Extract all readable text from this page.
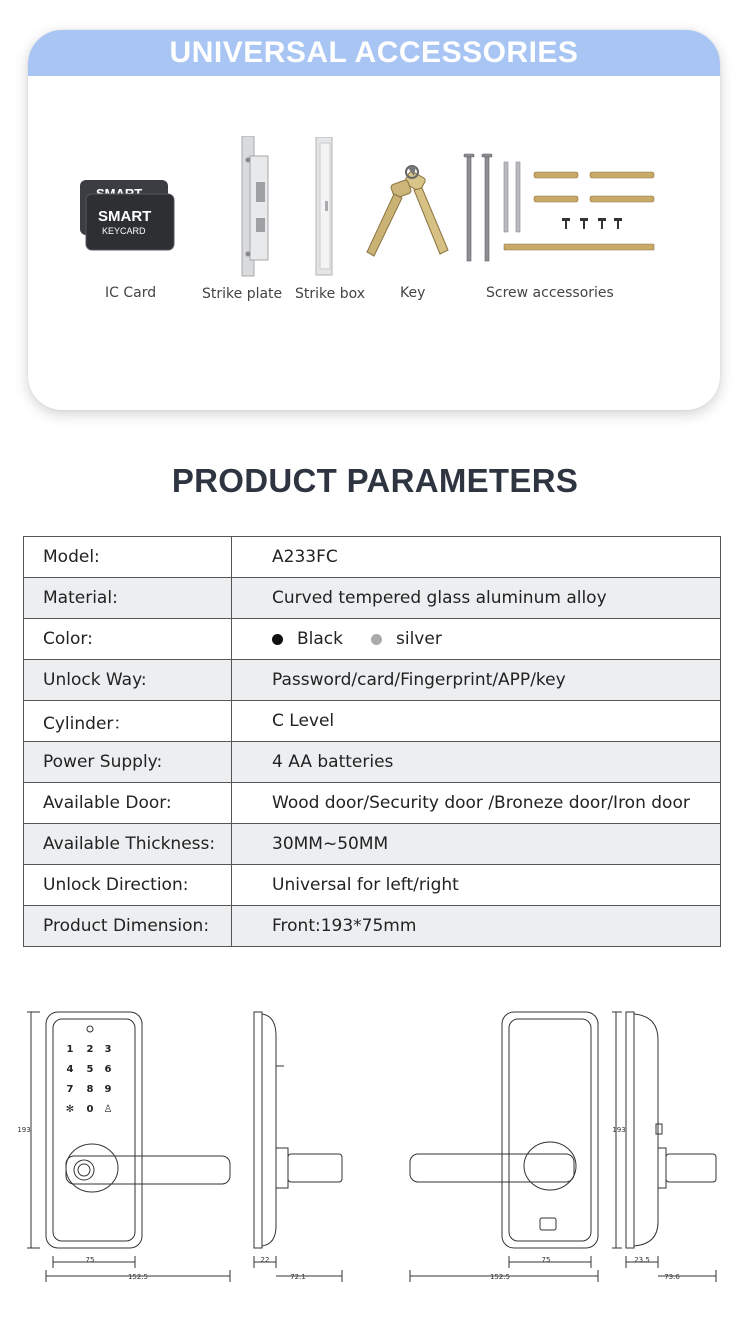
UNIVERSAL ACCESSORIES
SMART
KEYCARD
IC Card	Strike plate Strike box	Key	Screw accessories
PRODUCT PARAMETERS
Model:	A233FC
Material:	Curved tempered glass aluminum alloy
Color:	Black silver
Unlock Way:	Password/card/Fingerprint/APP/key
Cylinder：	C Level
Power Supply:	4 AA batteries
Available Door:	Wood door/Security door /Broneze door/Iron door
Available Thickness:	30MM~50MM
Unlock Direction:	Universal for left/right
Product Dimension:	Front:193*75mm
1 2 3
4 5 6
7 8 9
✻ 0 ♙
193
75
152.5
22
72.1
75
152.5
193
23.5
73.6
